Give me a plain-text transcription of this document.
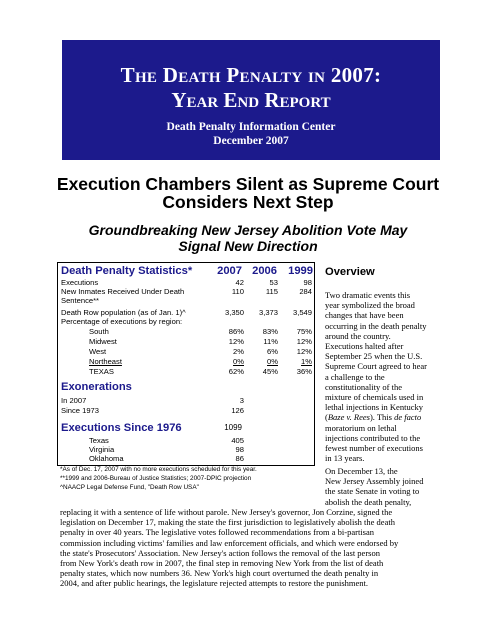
The Death Penalty in 2007:
Year End Report
Death Penalty Information Center
December 2007
Execution Chambers Silent as Supreme Court
Considers Next Step
Groundbreaking New Jersey Abolition Vote May
Signal New Direction
Death Penalty Statistics*	2007 2006 1999
Executions	42	53	98
New Inmates Received Under Death	110	115	284
Sentence**
Death Row population (as of Jan. 1)^	3,350	3,373	3,549
Percentage of executions by region:
South	86%	83%	75%
Midwest	12%	11%	12%
West	2%	6%	12%
Northeast	0%	0%	1%
TEXAS	62%	45%	36%
Exonerations
In 2007	3
Since 1973	126
Executions Since 1976	1099
Texas	405
Virginia	98
Oklahoma	86
*As of Dec. 17, 2007 with no more executions scheduled for this year.
**1999 and 2006-Bureau of Justice Statistics; 2007-DPIC projection
^NAACP Legal Defense Fund, "Death Row USA"
Overview
Two dramatic events this
year symbolized the broad
changes that have been
occurring in the death penalty
around the country.
Executions halted after
September 25 when the U.S.
Supreme Court agreed to hear
a challenge to the
constitutionality of the
mixture of chemicals used in
lethal injections in Kentucky
(Baze v. Rees). This de facto
moratorium on lethal
injections contributed to the
fewest number of executions
in 13 years.
On December 13, the
New Jersey Assembly joined
the state Senate in voting to
abolish the death penalty,
replacing it with a sentence of life without parole. New Jersey's governor, Jon Corzine, signed the
legislation on December 17, making the state the first jurisdiction to legislatively abolish the death
penalty in over 40 years. The legislative votes followed recommendations from a bi-partisan
commission including victims' families and law enforcement officials, and which were endorsed by
the state's Prosecutors' Association. New Jersey's action follows the removal of the last person
from New York's death row in 2007, the final step in removing New York from the list of death
penalty states, which now numbers 36. New York's high court overturned the death penalty in
2004, and after public hearings, the legislature rejected attempts to restore the punishment.
